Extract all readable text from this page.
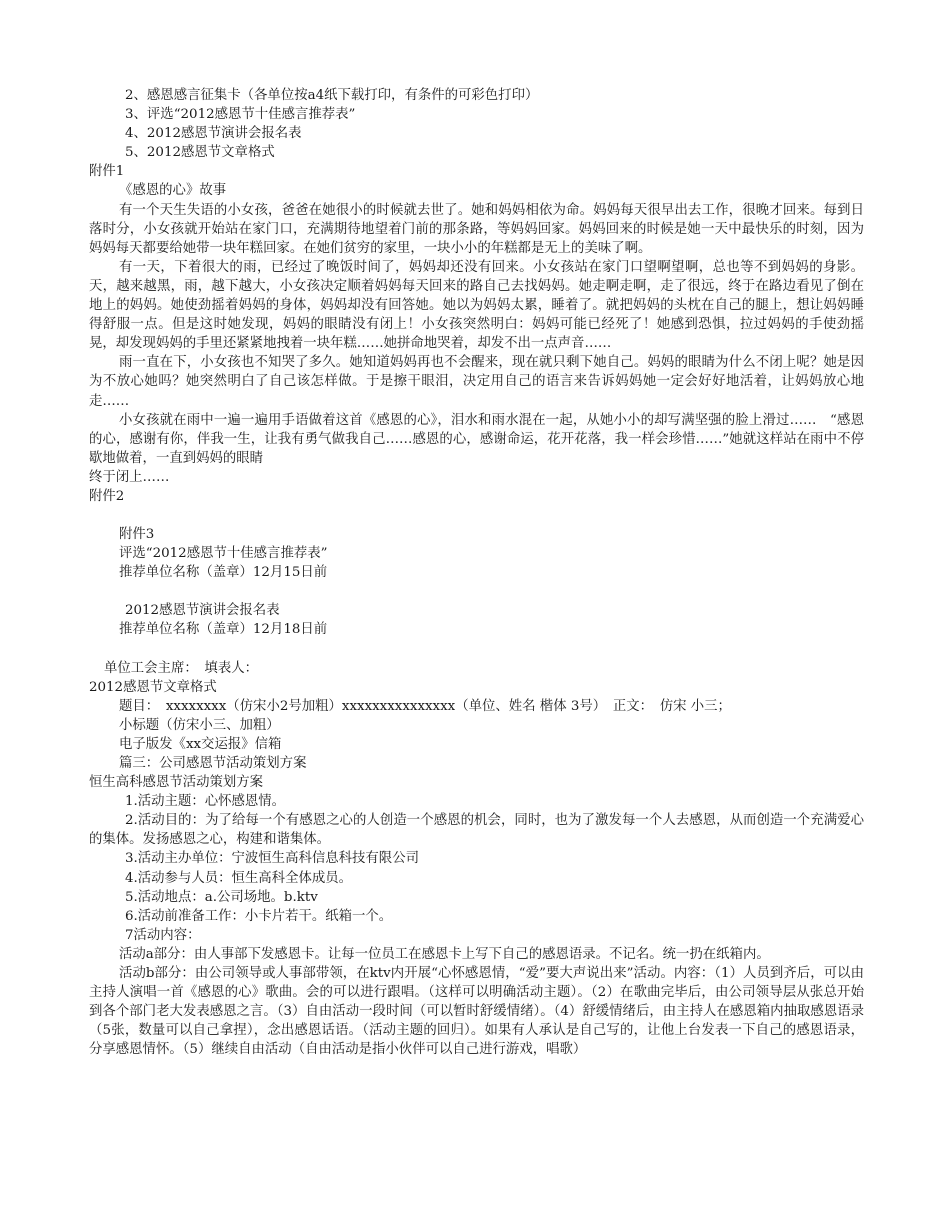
2、感恩感言征集卡（各单位按a4纸下载打印，有条件的可彩色打印）
3、评选“2012感恩节十佳感言推荐表”
4、2012感恩节演讲会报名表
5、2012感恩节文章格式
附件1
《感恩的心》故事

有一个天生失语的小女孩，爸爸在她很小的时候就去世了。她和妈妈相依为命。妈妈每天很早出去工作，很晚才回来。每到日落时分，小女孩就开始站在家门口，充满期待地望着门前的那条路，等妈妈回家。妈妈回来的时候是她一天中最快乐的时刻，因为妈妈每天都要给她带一块年糕回家。在她们贫穷的家里，一块小小的年糕都是无上的美味了啊。

有一天，下着很大的雨，已经过了晚饭时间了，妈妈却还没有回来。小女孩站在家门口望啊望啊，总也等不到妈妈的身影。天，越来越黑，雨，越下越大，小女孩决定顺着妈妈每天回来的路自己去找妈妈。她走啊走啊，走了很远，终于在路边看见了倒在地上的妈妈。她使劲摇着妈妈的身体，妈妈却没有回答她。她以为妈妈太累，睡着了。就把妈妈的头枕在自己的腿上，想让妈妈睡得舒服一点。但是这时她发现，妈妈的眼睛没有闭上！小女孩突然明白：妈妈可能已经死了！她感到恐惧，拉过妈妈的手使劲摇晃，却发现妈妈的手里还紧紧地拽着一块年糕……她拼命地哭着，却发不出一点声音……

雨一直在下，小女孩也不知哭了多久。她知道妈妈再也不会醒来，现在就只剩下她自己。妈妈的眼睛为什么不闭上呢？她是因为不放心她吗？她突然明白了自己该怎样做。于是擦干眼泪，决定用自己的语言来告诉妈妈她一定会好好地活着，让妈妈放心地走……

小女孩就在雨中一遍一遍用手语做着这首《感恩的心》，泪水和雨水混在一起，从她小小的却写满坚强的脸上滑过……　“感恩的心，感谢有你，伴我一生，让我有勇气做我自己……感恩的心，感谢命运，花开花落，我一样会珍惜……”她就这样站在雨中不停歇地做着，一直到妈妈的眼睛

终于闭上……
附件2
附件3
评选“2012感恩节十佳感言推荐表”
推荐单位名称（盖章）12月15日前
2012感恩节演讲会报名表
推荐单位名称（盖章）12月18日前
单位工会主席：　填表人：
2012感恩节文章格式
题目：　xxxxxxxx（仿宋小2号加粗）xxxxxxxxxxxxxxx（单位、姓名 楷体 3号）　正文：　仿宋 小三；
小标题（仿宋小三、加粗）
电子版发《xx交运报》信箱
篇三：公司感恩节活动策划方案
恒生高科感恩节活动策划方案
1.活动主题：心怀感恩情。

2.活动目的：为了给每一个有感恩之心的人创造一个感恩的机会，同时，也为了激发每一个人去感恩，从而创造一个充满爱心的集体。发扬感恩之心，构建和谐集体。

3.活动主办单位：宁波恒生高科信息科技有限公司
4.活动参与人员：恒生高科全体成员。
5.活动地点：a.公司场地。b.ktv
6.活动前准备工作：小卡片若干。纸箱一个。
7活动内容：

活动a部分：由人事部下发感恩卡。让每一位员工在感恩卡上写下自己的感恩语录。不记名。统一扔在纸箱内。

活动b部分：由公司领导或人事部带领，在ktv内开展“心怀感恩情，“爱”要大声说出来”活动。内容：（1）人员到齐后，可以由主持人演唱一首《感恩的心》歌曲。会的可以进行跟唱。（这样可以明确活动主题）。（2）在歌曲完毕后，由公司领导层从张总开始到各个部门老大发表感恩之言。（3）自由活动一段时间（可以暂时舒缓情绪）。（4）舒缓情绪后，由主持人在感恩箱内抽取感恩语录（5张，数量可以自己拿捏），念出感恩话语。（活动主题的回归）。如果有人承认是自己写的，让他上台发表一下自己的感恩语录，分享感恩情怀。（5）继续自由活动（自由活动是指小伙伴可以自己进行游戏，唱歌）
